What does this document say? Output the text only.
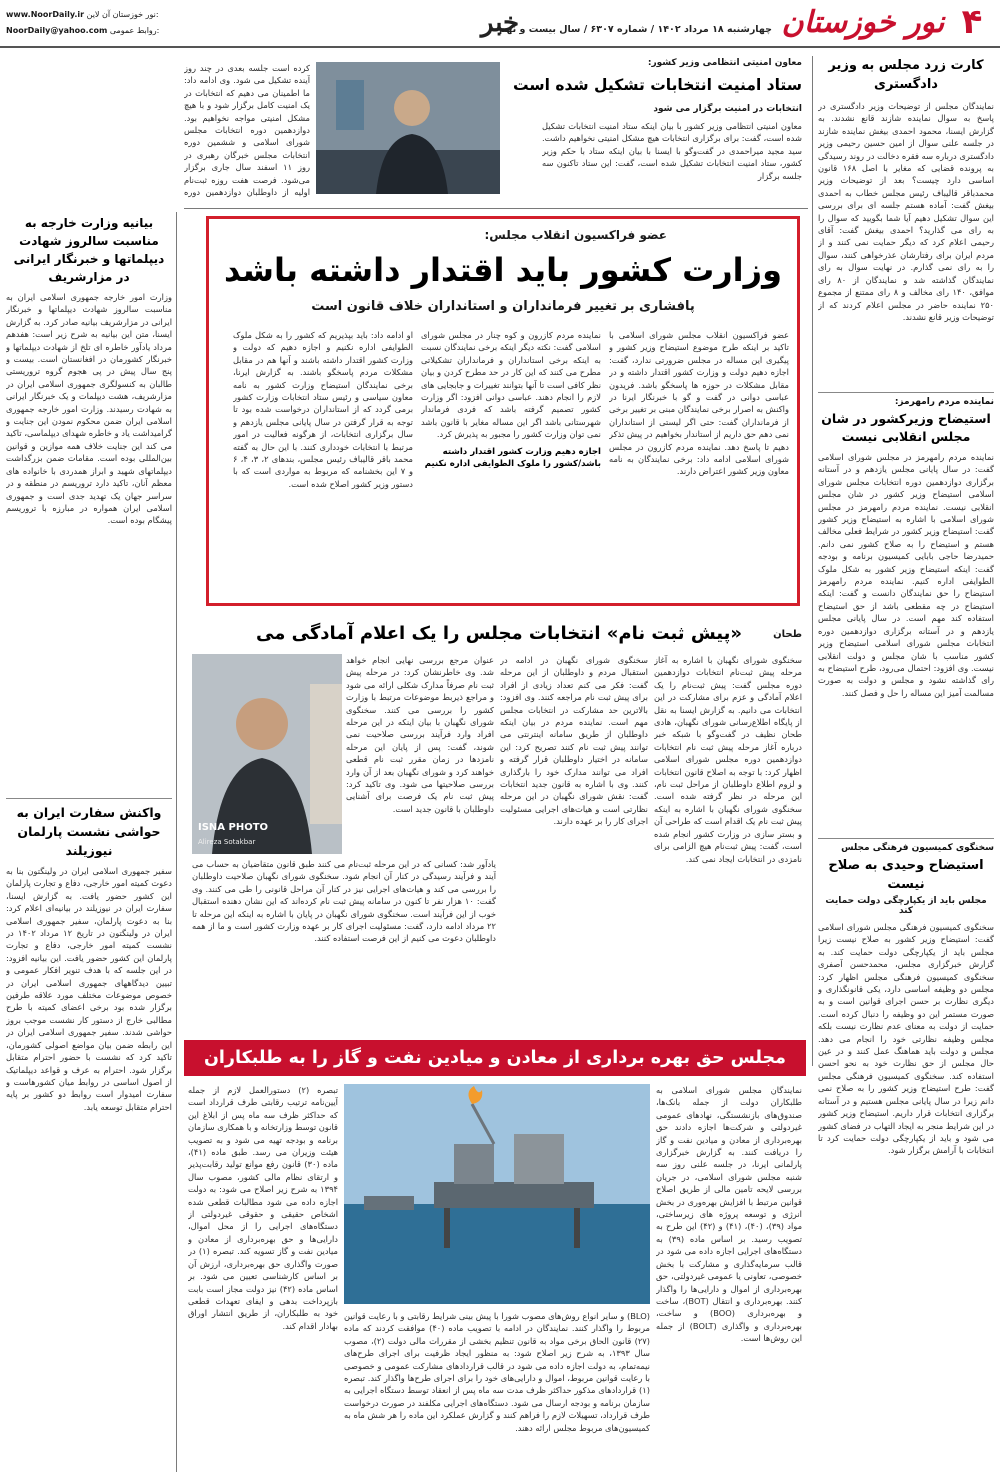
۴
نور خوزستان
چهارشنبه ۱۸ مرداد ۱۴۰۲ / شماره ۶۳۰۷ / سال بیست و نهم
خبر
www.NoorDaily.ir نور خوزستان آن لاین:
NoorDaily@yahoo.com روابط عمومی:
کارت زرد مجلس به وزیر دادگستری
نمایندگان مجلس از توضیحات وزیر دادگستری در پاسخ به سوال نماینده شازند قانع نشدند. به گزارش ایسنا، محمود احمدی بیغش نماینده شازند در جلسه علنی سوال از امین حسین رحیمی وزیر دادگستری درباره سه فقره دخالت در روند رسیدگی به پرونده قضایی که مغایر با اصل ۱۶۸ قانون اساسی دارد چیست؟ بعد از توضیحات وزیر محمدباقر قالیباف رئیس مجلس خطاب به احمدی بیغش گفت: آماده هستم جلسه ای برای بررسی این سوال تشکیل دهیم آیا شما بگویید که سوال را به رای می گذارید؟ احمدی بیغش گفت: آقای رحیمی اعلام کرد که دیگر حمایت نمی کنند و از مردم ایران برای رفتارشان عذرخواهی کنند، سوال را به رای نمی گذارم. در نهایت سوال به رای نمایندگان گذاشته شد و نمایندگان از ۸۰ رای موافق، ۱۴۰ رای مخالف و ۸ رای ممتنع از مجموع ۲۵۰ نماینده حاضر در مجلس اعلام کردند که از توضیحات وزیر قانع نشدند.
نماینده مردم رامهرمز:
استیضاح وزیرکشور در شان مجلس انقلابی نیست
نماینده مردم رامهرمز در مجلس شورای اسلامی گفت: در سال پایانی مجلس یازدهم و در آستانه برگزاری دوازدهمین دوره انتخابات مجلس شورای اسلامی استیضاح وزیر کشور در شان مجلس انقلابی نیست. نماینده مردم رامهرمز در مجلس شورای اسلامی با اشاره به استیضاح وزیر کشور گفت: استیضاح وزیر کشور در شرایط فعلی مخالف هستم و استیضاح را به صلاح کشور نمی دانم. حمیدرضا حاجی بابایی کمیسیون برنامه و بودجه گفت: اینکه استیضاح وزیر کشور به شکل ملوک الطوایفی اداره کنیم. نماینده مردم رامهرمز استیضاح را حق نمایندگان دانست و گفت: اینکه استیضاح در چه مقطعی باشد از حق استیضاح استفاده کند مهم است. در سال پایانی مجلس یازدهم و در آستانه برگزاری دوازدهمین دوره انتخابات مجلس شورای اسلامی استیضاح وزیر کشور مناسب با شان مجلس و دولت انقلابی نیست. وی افزود: احتمال می‌رود، طرح استیضاح به رای گذاشته نشود و مجلس و دولت به صورت مسالمت آمیز این مساله را حل و فصل کنند.
سخنگوی کمیسیون فرهنگی مجلس
استیضاح وحیدی به صلاح نیست
مجلس باید از یکپارچگی دولت حمایت کند
سخنگوی کمیسیون فرهنگی مجلس شورای اسلامی گفت: استیضاح وزیر کشور به صلاح نیست زیرا مجلس باید از یکپارچگی دولت حمایت کند. به گزارش خبرگزاری مجلس، محمدحسن آصفری سخنگوی کمیسیون فرهنگی مجلس اظهار کرد: مجلس دو وظیفه اساسی دارد، یکی قانونگذاری و دیگری نظارت بر حسن اجرای قوانین است و به صورت مستمر این دو وظیفه را دنبال کرده است. حمایت از دولت به معنای عدم نظارت نیست بلکه مجلس وظیفه نظارتی خود را انجام می دهد. مجلس و دولت باید هماهنگ عمل کنند و در عین حال مجلس از حق نظارت خود به نحو احسن استفاده کند. سخنگوی کمیسیون فرهنگی مجلس گفت: طرح استیضاح وزیر کشور را به صلاح نمی دانم زیرا در سال پایانی مجلس هستیم و در آستانه برگزاری انتخابات قرار داریم. استیضاح وزیر کشور در این شرایط منجر به ایجاد التهاب در فضای کشور می شود و باید از یکپارچگی دولت حمایت کرد تا انتخابات با آرامش برگزار شود.
معاون امنیتی انتظامی وزیر کشور:
ستاد امنیت انتخابات تشکیل شده است
انتخابات در امنیت برگزار می شود
معاون امنیتی انتظامی وزیر کشور با بیان اینکه ستاد امنیت انتخابات تشکیل شده است، گفت: برای برگزاری انتخابات هیچ مشکل امنیتی نخواهیم داشت. سید مجید میراحمدی در گفت‌وگو با ایسنا با بیان اینکه ستاد با حکم وزیر کشور، ستاد امنیت انتخابات تشکیل شده است، گفت: این ستاد تاکنون سه جلسه برگزار
کرده است جلسه بعدی در چند روز آینده تشکیل می شود. وی ادامه داد: ما اطمینان می دهیم که انتخابات در یک امنیت کامل برگزار شود و با هیچ مشکل امنیتی مواجه نخواهیم بود. دوازدهمین دوره انتخابات مجلس شورای اسلامی و ششمین دوره انتخابات مجلس خبرگان رهبری در روز ۱۱ اسفند سال جاری برگزار می‌شود. فرصت هفت روزه ثبت‌نام اولیه از داوطلبان دوازدهمین دوره
بیانیه وزارت خارجه به مناسبت سالروز شهادت دیپلماتها و خبرنگار ایرانی در مزارشریف
وزارت امور خارجه جمهوری اسلامی ایران به مناسبت سالروز شهادت دیپلماتها و خبرنگار ایرانی در مزارشریف بیانیه صادر کرد. به گزارش ایسنا، متن این بیانیه به شرح زیر است: هفدهم مرداد یادآور خاطره ای تلخ از شهادت دیپلماتها و خبرنگار کشورمان در افغانستان است. بیست و پنج سال پیش در پی هجوم گروه تروریستی طالبان به کنسولگری جمهوری اسلامی ایران در مزارشریف، هشت دیپلمات و یک خبرنگار ایرانی به شهادت رسیدند. وزارت امور خارجه جمهوری اسلامی ایران ضمن محکوم نمودن این جنایت و گرامیداشت یاد و خاطره شهدای دیپلماسی، تاکید می کند این جنایت خلاف همه موازین و قوانین بین‌المللی بوده است. مقامات ضمن بزرگداشت دیپلماتهای شهید و ابراز همدردی با خانواده های معظم آنان، تاکید دارد تروریسم در منطقه و در سراسر جهان یک تهدید جدی است و جمهوری اسلامی ایران همواره در مبارزه با تروریسم پیشگام بوده است.
واکنش سفارت ایران به حواشی نشست پارلمان نیوزیلند
سفیر جمهوری اسلامی ایران در ولینگتون بنا به دعوت کمیته امور خارجی، دفاع و تجارت پارلمان این کشور حضور یافت. به گزارش ایسنا، سفارت ایران در نیوزیلند در بیانیه‌ای اعلام کرد: بنا به دعوت پارلمان، سفیر جمهوری اسلامی ایران در ولینگتون در تاریخ ۱۲ مرداد ۱۴۰۲ در نشست کمیته امور خارجی، دفاع و تجارت پارلمان این کشور حضور یافت. این بیانیه افزود: در این جلسه که با هدف تنویر افکار عمومی و تبیین دیدگاههای جمهوری اسلامی ایران در خصوص موضوعات مختلف مورد علاقه طرفین برگزار شده بود برخی اعضای کمیته با طرح مطالبی خارج از دستور کار نشست موجب بروز حواشی شدند. سفیر جمهوری اسلامی ایران در این رابطه ضمن بیان مواضع اصولی کشورمان، تاکید کرد که نشست با حضور احترام متقابل برگزار شود. احترام به عرف و قواعد دیپلماتیک از اصول اساسی در روابط میان کشورهاست و سفارت امیدوار است روابط دو کشور بر پایه احترام متقابل توسعه یابد.
عضو فراکسیون انقلاب مجلس:
وزارت کشور باید اقتدار داشته باشد
پافشاری بر تغییر فرمانداران و استانداران خلاف قانون است
عضو فراکسیون انقلاب مجلس شورای اسلامی با تاکید بر اینکه طرح موضوع استیضاح وزیر کشور و پیگیری این مساله در مجلس ضرورتی ندارد، گفت: اجازه دهیم دولت و وزارت کشور اقتدار داشته و در مقابل مشکلات در حوزه ها پاسخگو باشد. فریدون عباسی دوانی در گفت و گو با خبرنگار ایرنا در واکنش به اصرار برخی نمایندگان مبنی بر تغییر برخی از فرمانداران گفت: حتی اگر لیستی از استانداران نمی دهم حق داریم از استاندار بخواهیم در پیش تذکر دهیم تا پاسخ دهد. نماینده مردم کازرون در مجلس شورای اسلامی ادامه داد: برخی نمایندگان به نامه معاون وزیر کشور اعتراض دارند.
نماینده مردم کازرون و کوه چنار در مجلس شورای اسلامی گفت: نکته دیگر اینکه برخی نمایندگان نسبت به اینکه برخی استانداران و فرمانداران تشکیلاتی مطرح می کنند که این کار در حد مطرح کردن و بیان نظر کافی است تا آنها بتوانند تغییرات و جابجایی های لازم را انجام دهند. عباسی دوانی افزود: اگر وزارت کشور تصمیم گرفته باشد که فردی فرماندار شهرستانی باشد اگر این مساله مغایر با قانون باشد نمی توان وزارت کشور را مجبور به پذیرش کرد.
اجازه دهیم وزارت کشور اقتدار داشته باشد/کشور را ملوک الطوایفی اداره نکنیم
او ادامه داد: باید بپذیریم که کشور را به شکل ملوک الطوایفی اداره نکنیم و اجازه دهیم که دولت و وزارت کشور اقتدار داشته باشند و آنها هم در مقابل مشکلات مردم پاسخگو باشند. به گزارش ایرنا، برخی نمایندگان استیضاح وزارت کشور به نامه معاون سیاسی و رئیس ستاد انتخابات وزارت کشور برمی گردد که از استانداران درخواست شده بود تا توجه به قرار گرفتن در سال پایانی مجلس یازدهم و سال برگزاری انتخابات، از هرگونه فعالیت در امور مرتبط با انتخابات خودداری کنند. با این حال به گفته محمد باقر قالیباف رئیس مجلس، بندهای ۲، ۳، ۴، ۶ و ۷ این بخشنامه که مربوط به مواردی است که با دستور وزیر کشور اصلاح شده است.
طحان
«پیش ثبت نام» انتخابات مجلس را یک اعلام آمادگی می
سخنگوی شورای نگهبان با اشاره به آغاز مرحله پیش ثبت‌نام انتخابات دوازدهمین دوره مجلس گفت: پیش ثبت‌نام را یک اعلام آمادگی و عزم برای مشارکت در این انتخابات می دانیم. به گزارش ایسنا به نقل از پایگاه اطلاع‌رسانی شورای نگهبان، هادی طحان نظیف در گفت‌وگو با شبکه خبر درباره آغاز مرحله پیش ثبت نام انتخابات دوازدهمین دوره مجلس شورای اسلامی اظهار کرد: با توجه به اصلاح قانون انتخابات و لزوم اطلاع داوطلبان از مراحل ثبت نام، این مرحله در نظر گرفته شده است. سخنگوی شورای نگهبان با اشاره به اینکه پیش ثبت نام یک اقدام است که طراحی آن و بستر سازی در وزارت کشور انجام شده است، گفت: پیش ثبت‌نام هیچ الزامی برای نامزدی در انتخابات ایجاد نمی کند.
سخنگوی شورای نگهبان در ادامه در استقبال مردم و داوطلبان از این مرحله گفت: فکر می کنم تعداد زیادی از افراد برای پیش ثبت نام مراجعه کنند. وی افزود: بالاترین حد مشارکت در انتخابات مجلس مهم است. نماینده مردم در بیان اینکه داوطلبان از طریق سامانه اینترنتی می توانند پیش ثبت نام کنند تصریح کرد: این سامانه در اختیار داوطلبان قرار گرفته و افراد می توانند مدارک خود را بارگذاری کنند. وی با اشاره به قانون جدید انتخابات گفت: نقش شورای نگهبان در این مرحله نظارتی است و هیات‌های اجرایی مسئولیت اجرای کار را بر عهده دارند.
عنوان مرجع بررسی نهایی انجام خواهد شد. وی خاطرنشان کرد: در مرحله پیش ثبت نام صرفاً مدارک شکلی ارائه می شود و مراجع ذیربط موضوعات مرتبط با وزارت کشور را بررسی می کنند. سخنگوی شورای نگهبان با بیان اینکه در این مرحله افراد وارد فرآیند بررسی صلاحیت نمی شوند، گفت: پس از پایان این مرحله نامزدها در زمان مقرر ثبت نام قطعی خواهند کرد و شورای نگهبان بعد از آن وارد بررسی صلاحیتها می شود. وی تاکید کرد: پیش ثبت نام یک فرصت برای آشنایی داوطلبان با قانون جدید است.
ISNA PHOTO
Alireza Sotakbar
یادآور شد: کسانی که در این مرحله ثبت‌نام می کنند طبق قانون متقاضیان به حساب می آیند و فرآیند رسیدگی در کنار آن انجام شود. سخنگوی شورای نگهبان صلاحیت داوطلبان را بررسی می کند و هیات‌های اجرایی نیز در کنار آن مراحل قانونی را طی می کنند. وی گفت: ۱۰ هزار نفر تا کنون در سامانه پیش ثبت نام کرده‌اند که این نشان دهنده استقبال خوب از این فرآیند است. سخنگوی شورای نگهبان در پایان با اشاره به اینکه این مرحله تا ۲۲ مرداد ادامه دارد، گفت: مسئولیت اجرای کار بر عهده وزارت کشور است و ما از همه داوطلبان دعوت می کنیم از این فرصت استفاده کنند.
مجلس حق بهره برداری از معادن و میادین نفت و گاز را به طلبکاران
نمایندگان مجلس شورای اسلامی به طلبکاران دولت از جمله بانک‌ها، صندوق‌های بازنشستگی، نهادهای عمومی غیردولتی و شرکت‌ها اجازه دادند حق بهره‌برداری از معادن و میادین نفت و گاز را دریافت کنند. به گزارش خبرگزاری پارلمانی ایرنا، در جلسه علنی روز سه شنبه مجلس شورای اسلامی، در جریان بررسی لایحه تامین مالی از طریق اصلاح قوانین مرتبط با افزایش بهره‌وری در بخش انرژی و توسعه پروژه های زیرساختی، مواد (۳۹)، (۴۰)، (۴۱) و (۴۲) این طرح به تصویب رسید. بر اساس ماده (۳۹) به دستگاه‌های اجرایی اجازه داده می شود در قالب سرمایه‌گذاری و مشارکت با بخش خصوصی، تعاونی یا عمومی غیردولتی، حق بهره‌برداری از اموال و دارایی‌ها را واگذار کنند. بهره‌برداری و انتقال (BOT)، ساخت و بهره‌برداری (BOO) و ساخت، بهره‌برداری و واگذاری (BOLT) از جمله این روش‌ها است.
تبصره (۲) دستورالعمل لازم از جمله آیین‌نامه ترتیب رقابتی طرف قرارداد است که حداکثر ظرف سه ماه پس از ابلاغ این قانون توسط وزارتخانه و با همکاری سازمان برنامه و بودجه تهیه می شود و به تصویب هیئت وزیران می رسد. طبق ماده (۴۱)، ماده (۳۰) قانون رفع موانع تولید رقابت‌پذیر و ارتقای نظام مالی کشور، مصوب سال ۱۳۹۴ به شرح زیر اصلاح می شود: به دولت اجازه داده می شود مطالبات قطعی شده اشخاص حقیقی و حقوقی غیردولتی از دستگاه‌های اجرایی را از محل اموال، دارایی‌ها و حق بهره‌برداری از معادن و میادین نفت و گاز تسویه کند. تبصره (۱) در صورت واگذاری حق بهره‌برداری، ارزش آن بر اساس کارشناسی تعیین می شود. بر اساس ماده (۴۲) نیز دولت مجاز است بابت بازپرداخت بدهی و ایفای تعهدات قطعی خود به طلبکاران، از طریق انتشار اوراق بهادار اقدام کند.
(BLO) و سایر انواع روش‌های مصوب شورا با پیش بینی شرایط رقابتی و با رعایت قوانین مربوط را واگذار کنند. نمایندگان در ادامه با تصویب ماده (۴۰) موافقت کردند که ماده (۲۷) قانون الحاق برخی مواد به قانون تنظیم بخشی از مقررات مالی دولت (۲)، مصوب سال ۱۳۹۳، به شرح زیر اصلاح شود: به منظور ایجاد ظرفیت برای اجرای طرح‌های نیمه‌تمام، به دولت اجازه داده می شود در قالب قراردادهای مشارکت عمومی و خصوصی با رعایت قوانین مربوط، اموال و دارایی‌های خود را برای اجرای طرح‌ها واگذار کند. تبصره (۱) قراردادهای مذکور حداکثر ظرف مدت سه ماه پس از انعقاد توسط دستگاه اجرایی به سازمان برنامه و بودجه ارسال می شود. دستگاه‌های اجرایی مکلفند در صورت درخواست طرف قرارداد، تسهیلات لازم را فراهم کنند و گزارش عملکرد این ماده را هر شش ماه به کمیسیون‌های مربوط مجلس ارائه دهند.
